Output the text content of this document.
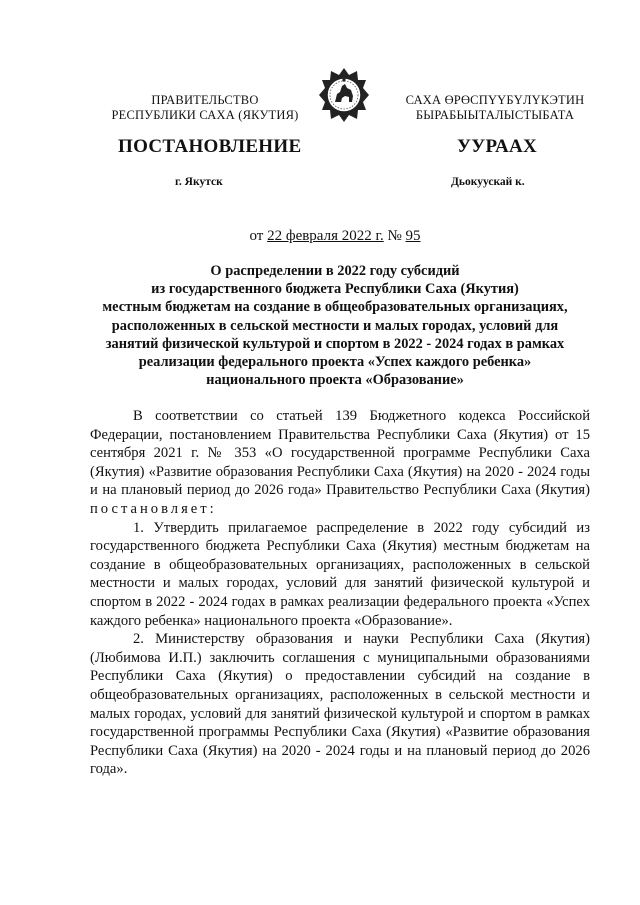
ПРАВИТЕЛЬСТВО
РЕСПУБЛИКИ САХА (ЯКУТИЯ)
САХА ӨРӨСПҮҮБҮЛҮКЭТИН
БЫРАБЫЫТАЛЫСТЫБАТА
ПОСТАНОВЛЕНИЕ	УУРААХ
г. Якутск	Дьокуускай к.
от 22 февраля 2022 г. № 95
О распределении в 2022 году субсидий
из государственного бюджета Республики Саха (Якутия)
местным бюджетам на создание в общеобразовательных организациях,
расположенных в сельской местности и малых городах, условий для
занятий физической культурой и спортом в 2022 - 2024 годах в рамках
реализации федерального проекта «Успех каждого ребенка»
национального проекта «Образование»

В соответствии со статьей 139 Бюджетного кодекса Российской Федерации, постановлением Правительства Республики Саха (Якутия) от 15 сентября 2021 г. № 353 «О государственной программе Республики Саха (Якутия) «Развитие образования Республики Саха (Якутия) на 2020 - 2024 годы и на плановый период до 2026 года» Правительство Республики Саха (Якутия) постановляет:

1. Утвердить прилагаемое распределение в 2022 году субсидий из государственного бюджета Республики Саха (Якутия) местным бюджетам на создание в общеобразовательных организациях, расположенных в сельской местности и малых городах, условий для занятий физической культурой и спортом в 2022 - 2024 годах в рамках реализации федерального проекта «Успех каждого ребенка» национального проекта «Образование».

2. Министерству образования и науки Республики Саха (Якутия) (Любимова И.П.) заключить соглашения с муниципальными образованиями Республики Саха (Якутия) о предоставлении субсидий на создание в общеобразовательных организациях, расположенных в сельской местности и малых городах, условий для занятий физической культурой и спортом в рамках государственной программы Республики Саха (Якутия) «Развитие образования Республики Саха (Якутия) на 2020 - 2024 годы и на плановый период до 2026 года».
